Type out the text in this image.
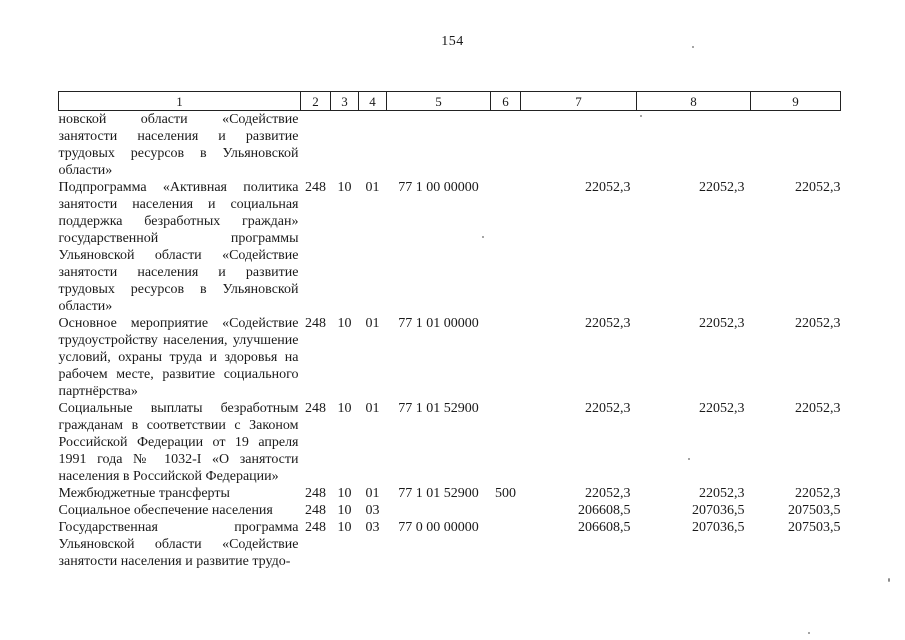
154
1	2	3	4	5	6	7	8	9
новской области «Содействие занятости населения и развитие трудовых ресурсов в Ульяновской области»								
Подпрограмма «Активная политика занятости населения и социальная поддержка безработных граждан» государственной программы Ульяновской области «Содействие занятости населения и развитие трудовых ресурсов в Ульяновской области»	248	10	01	77 1 00 00000		22052,3	22052,3	22052,3
Основное мероприятие «Содействие трудоустройству населения, улучшение условий, охраны труда и здоровья на рабочем месте, развитие социального партнёрства»	248	10	01	77 1 01 00000		22052,3	22052,3	22052,3
Социальные выплаты безработным гражданам в соответствии с Законом Российской Федерации от 19 апреля 1991 года № 1032-I «О занятости населения в Российской Федерации»	248	10	01	77 1 01 52900		22052,3	22052,3	22052,3
Межбюджетные трансферты	248	10	01	77 1 01 52900	500	22052,3	22052,3	22052,3
Социальное обеспечение населения	248	10	03			206608,5	207036,5	207503,5
Государственная программа Ульяновской области «Содействие занятости населения и развитие трудо-	248	10	03	77 0 00 00000		206608,5	207036,5	207503,5
